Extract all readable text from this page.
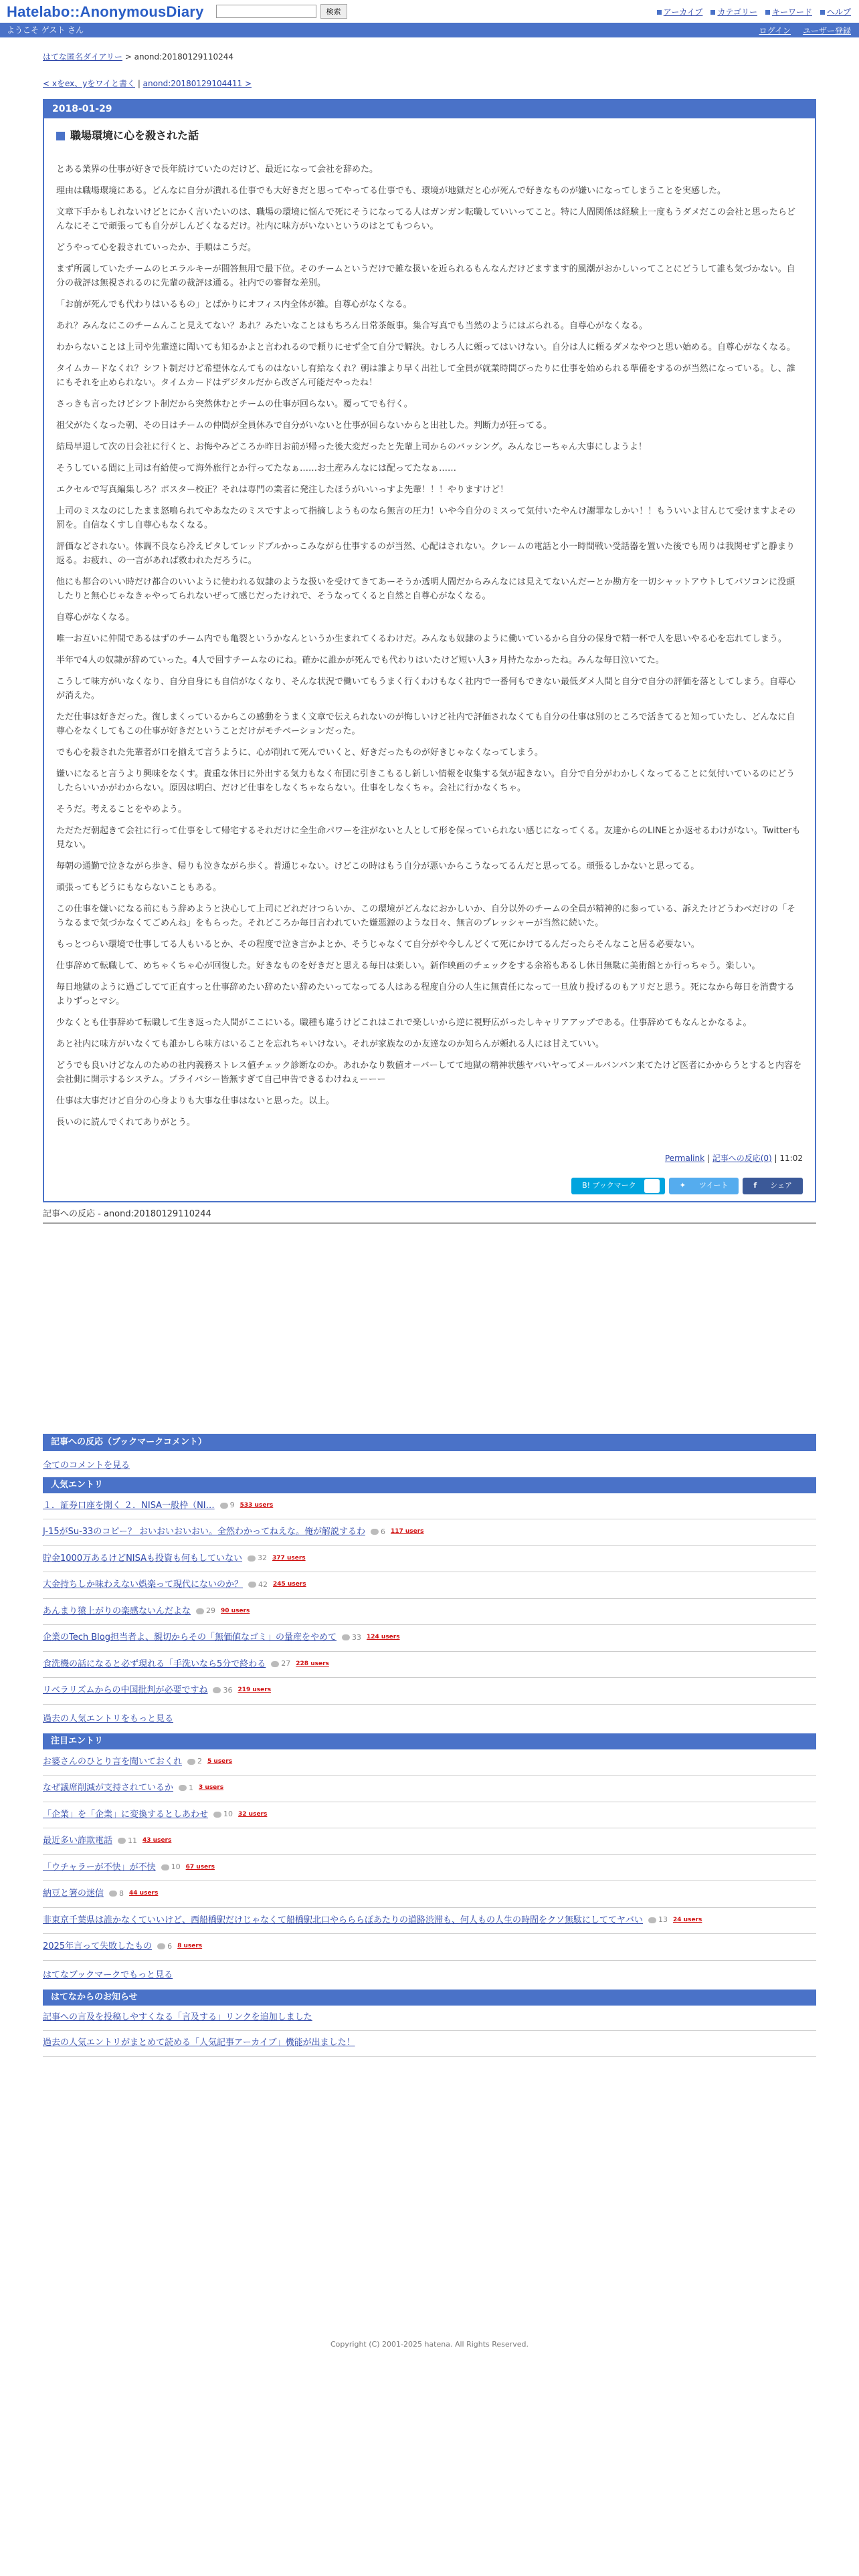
Hatelabo::AnonymousDiary	検索	アーカイブ カテゴリー キーワード ヘルプ
ようこそ ゲスト さん	ログイン ユーザー登録
はてな匿名ダイアリー > anond:20180129110244
< xをex、yをワイと書く | anond:20180129104411 >
2018-01-29
職場環境に心を殺された話

とある業界の仕事が好きで長年続けていたのだけど、最近になって会社を辞めた。

理由は職場環境にある。どんなに自分が潰れる仕事でも大好きだと思ってやってる仕事でも、環境が地獄だと心が死んで好きなものが嫌いになってしまうことを実感した。

文章下手かもしれないけどとにかく言いたいのは、職場の環境に悩んで死にそうになってる人はガンガン転職していいってこと。特に人間関係は経験上一度もうダメだこの会社と思ったらどんなにそこで頑張っても自分がしんどくなるだけ。社内に味方がいないというのはとてもつらい。

どうやって心を殺されていったか、手順はこうだ。

まず所属していたチームのヒエラルキーが間答無用で最下位。そのチームというだけで雑な扱いを近られるもんなんだけどますます的風潮がおかしいってことにどうして誰も気づかない。自分の裁評は無視されるのに先輩の裁評は通る。社内での審督な差別。

「お前が死んでも代わりはいるもの」とばかりにオフィス内全体が雑。自尊心がなくなる。

あれ？みんなにこのチームんこと見えてない？あれ？みたいなことはもちろん日常茶飯事。集合写真でも当然のようにはぶられる。自尊心がなくなる。

わからないことは上司や先輩達に聞いても知るかよと言われるので頼りにせず全て自分で解決。むしろ人に頼ってはいけない。自分は人に頼るダメなやつと思い始める。自尊心がなくなる。

タイムカードなくれ？シフト制だけど希望休なんてものはないし有給なくれ？朝は誰より早く出社して全員が就業時間ぴったりに仕事を始められる準備をするのが当然になっている。し、誰にもそれを止められない。タイムカードはデジタルだから改ざん可能だやったね！

さっきも言ったけどシフト制だから突然休むとチームの仕事が回らない。覆ってでも行く。

祖父がたくなった朝、その日はチームの仲間が全員休みで自分がいないと仕事が回らないからと出社した。判断力が狂ってる。

結局早退して次の日会社に行くと、お悔やみどころか昨日お前が帰った後大変だったと先輩上司からのバッシング。みんなじーちゃん大事にしようよ！

そうしている間に上司は有給使って海外旅行とか行ってたなぁ……お土産みんなには配ってたなぁ……

エクセルで写真編集しろ？ポスター校正？それは専門の業者に発注したほうがいいっすよ先輩！！！やりますけど！

上司のミスなのにしたまま怒鳴られてやあなたのミスですよって指摘しようものなら無言の圧力！いや今自分のミスって気付いたやんけ謝罪なしかい！！もういいよ甘んじて受けますよその罰を。自信なくすし自尊心もなくなる。

評価などされない。体調不良なら冷えピタしてレッドブルかっこみながら仕事するのが当然、心配はされない。クレームの電話と小一時間戦い受話器を置いた後でも周りは我関せずと静まり返る。お疲れ、の一言があれば救われただろうに。

他にも都合のいい時だけ都合のいいように使われる奴隷のような扱いを受けてきてあーそうか透明人間だからみんなには見えてないんだーとか勘方を一切シャットアウトしてパソコンに没頭したりと無心じゃなきゃやってられないぜって感じだったけれで、そうなってくると自然と自尊心がなくなる。

自尊心がなくなる。

唯一お互いに仲間であるはずのチーム内でも亀裂というかなんというか生まれてくるわけだ。みんなも奴隷のように働いているから自分の保身で精一杯で人を思いやる心を忘れてしまう。

半年で4人の奴隷が辞めていった。4人で回すチームなのにね。確かに誰かが死んでも代わりはいたけど短い人3ヶ月持たなかったね。みんな毎日泣いてた。

こうして味方がいなくなり、自分自身にも自信がなくなり、そんな状況で働いてもうまく行くわけもなく社内で一番何もできない最低ダメ人間と自分で自分の評価を落としてしまう。自尊心が消えた。

ただ仕事は好きだった。復しまくっているからこの感動をうまく文章で伝えられないのが悔しいけど社内で評価されなくても自分の仕事は別のところで活きてると知っていたし、どんなに自尊心をなくしてもこの仕事が好きだということだけがモチベーションだった。

でも心を殺された先輩者が口を揃えて言うように、心が削れて死んでいくと、好きだったものが好きじゃなくなってしまう。

嫌いになると言うより興味をなくす。貴重な休日に外出する気力もなく布団に引きこもるし新しい情報を収集する気が起きない。自分で自分がわかしくなってることに気付いているのにどうしたらいいかがわからない。原因は明白、だけど仕事をしなくちゃならない。仕事をしなくちゃ。会社に行かなくちゃ。

そうだ。考えることをやめよう。

ただただ朝起きて会社に行って仕事をして帰宅するそれだけに全生命パワーを注がないと人として形を保っていられない感じになってくる。友達からのLINEとか返せるわけがない。Twitterも見ない。

毎朝の通勤で泣きながら歩き、帰りも泣きながら歩く。普通じゃない。けどこの時はもう自分が悪いからこうなってるんだと思ってる。頑張るしかないと思ってる。

頑張ってもどうにもならないこともある。

この仕事を嫌いになる前にもう辞めようと決心して上司にどれだけつらいか、この環境がどんなにおかしいか、自分以外のチームの全員が精神的に参っている、訴えたけどうわべだけの「そうなるまで気づかなくてごめんね」をもらった。それどころか毎日言われていた嫌悪源のような日々、無言のプレッシャーが当然に続いた。

もっとつらい環境で仕事してる人もいるとか、その程度で泣き言かよとか、そうじゃなくて自分がや今しんどくて死にかけてるんだったらそんなこと居る必要ない。

仕事辞めて転職して、めちゃくちゃ心が回復した。好きなものを好きだと思える毎日は楽しい。新作映画のチェックをする余裕もあるし休日無駄に美術館とか行っちゃう。楽しい。

毎日地獄のように過ごしてて正直すっと仕事辞めたい辞めたい辞めたいってなってる人はある程度自分の人生に無責任になって一旦放り投げるのもアリだと思う。死になから毎日を消費するよりずっとマシ。

少なくとも仕事辞めて転職して生き返った人間がここにいる。職種も違うけどこれはこれで楽しいから逆に視野広がったしキャリアアップである。仕事辞めてもなんとかなるよ。

あと社内に味方がいなくても誰かしら味方はいることを忘れちゃいけない。それが家族なのか友達なのか知らんが頼れる人には甘えていい。

どうでも良いけどなんのための社内義務ストレス値チェック診断なのか。あれかなり数値オーバーしてて地獄の精神状態ヤバいヤってメールバンバン来てたけど医者にかからうとすると内容を会社側に開示するシステム。プライバシー皆無すぎて自己申告できるわけねぇーーー

仕事は大事だけど自分の心身よりも大事な仕事はないと思った。以上。

長いのに読んでくれてありがとう。

Permalink | 記事への反応(0) | 11:02
B! ブックマーク	0	✦	ツイート	f	シェア
記事への反応 - anond:20180129110244
記事への反応（ブックマークコメント）
全てのコメントを見る
人気エントリ
１．証券口座を開く ２．NISA一般枠（NI… 9 533 users
J-15がSu-33のコピー？ おいおいおいおい。全然わかってねえな。俺が解説するわ 6 117 users
貯金1000万あるけどNISAも投資も何もしていない 32 377 users
大金持ちしか味わえない娯楽って現代にないのか？ 42 245 users
あんまり猿上がりの楽感ないんだよな 29 90 users
企業のTech Blog担当者よ、親切からその「無価値なゴミ」の量産をやめて 33 124 users
食洗機の話になると必ず現れる「手洗いなら5分で終わる 27 228 users
リベラリズムからの中国批判が必要ですね 36 219 users
過去の人気エントリをもっと見る
注目エントリ
お婆さんのひとり言を聞いておくれ 2 5 users
なぜ議席削減が支持されているか 1 3 users
「企業」を「企業」に変換するとしあわせ 10 32 users
最近多い詐欺電話 11 43 users
「ウチャラーが不快」が不快 10 67 users
納豆と箸の迷信 8 44 users
非東京千葉県は誰かなくていいけど、西船橋駅だけじゃなくて船橋駅北口やらららぽあたりの道路渋滞も、何人もの人生の時間をクソ無駄にしててヤバい 13 24 users
2025年言って失敗したもの 6 8 users
はてなブックマークでもっと見る
はてなからのお知らせ
記事への言及を投稿しやすくなる「言及する」リンクを追加しました
過去の人気エントリがまとめて読める「人気記事アーカイブ」機能が出ました！
Copyright (C) 2001-2025 hatena. All Rights Reserved.
